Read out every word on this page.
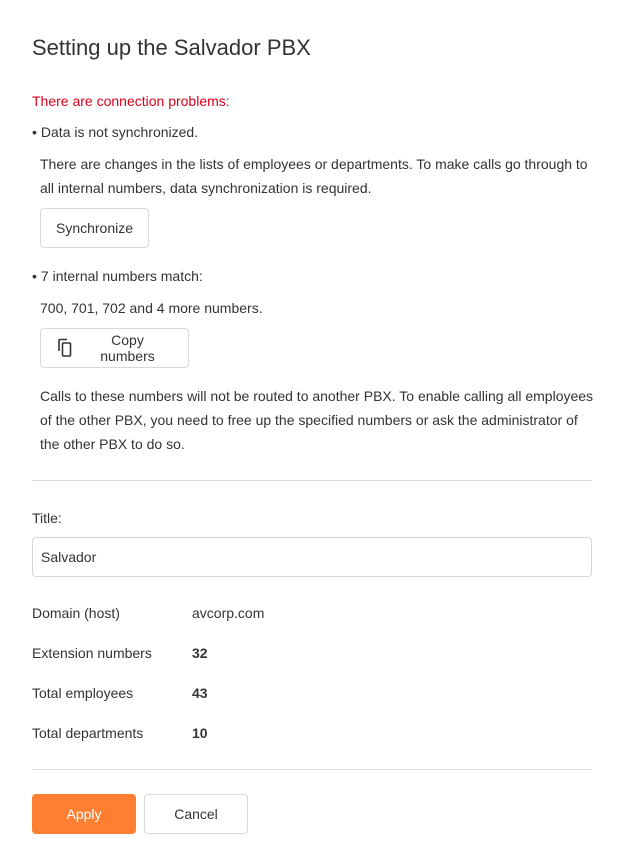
Setting up the Salvador PBX
There are connection problems:
• Data is not synchronized.
There are changes in the lists of employees or departments. To make calls go through to all internal numbers, data synchronization is required.
Synchronize
• 7 internal numbers match:
700, 701, 702 and 4 more numbers.
Copy numbers
Calls to these numbers will not be routed to another PBX. To enable calling all employees of the other PBX, you need to free up the specified numbers or ask the administrator of the other PBX to do so.
Title:
Salvador
Domain (host)	avcorp.com
Extension numbers	32
Total employees	43
Total departments	10
Apply	Cancel
